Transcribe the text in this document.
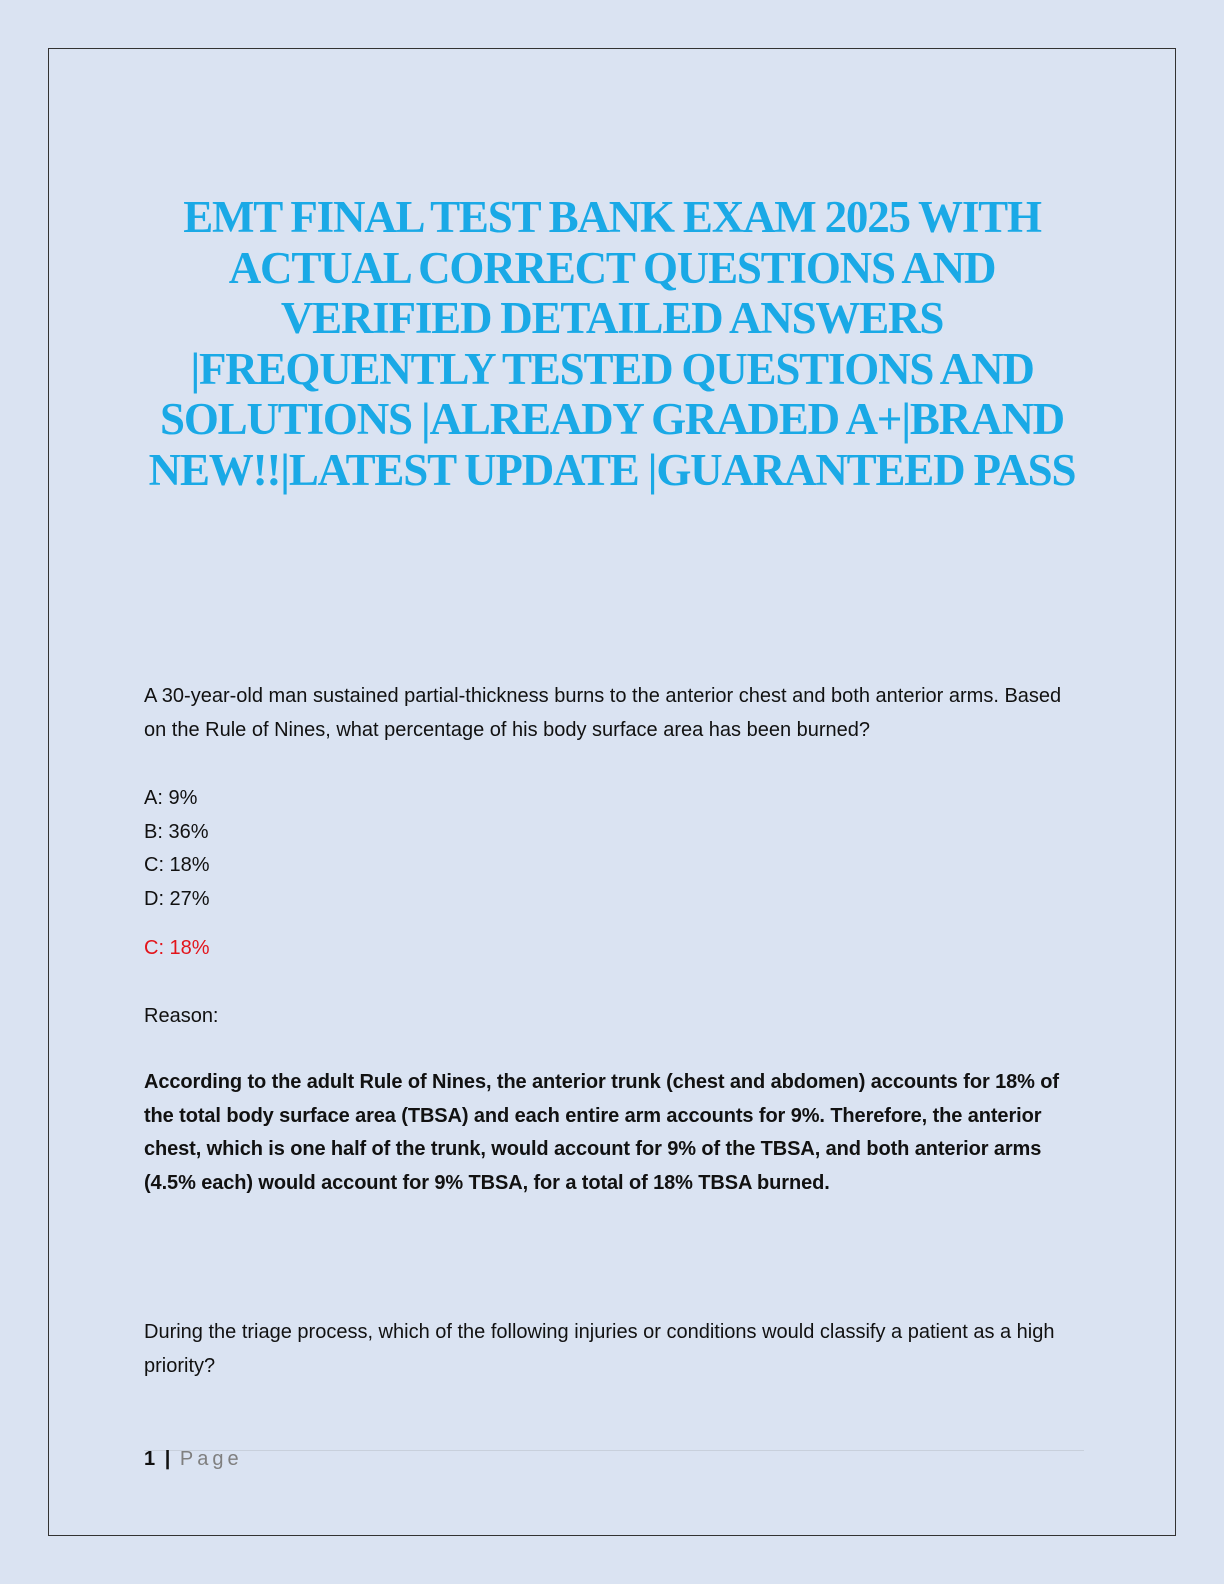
EMT FINAL TEST BANK EXAM 2025 WITH ACTUAL CORRECT QUESTIONS AND VERIFIED DETAILED ANSWERS |FREQUENTLY TESTED QUESTIONS AND SOLUTIONS |ALREADY GRADED A+|BRAND NEW!!|LATEST UPDATE |GUARANTEED PASS

A 30-year-old man sustained partial-thickness burns to the anterior chest and both anterior arms. Based on the Rule of Nines, what percentage of his body surface area has been burned?

A: 9%
B: 36%
C: 18%
D: 27%

C: 18%

Reason:

According to the adult Rule of Nines, the anterior trunk (chest and abdomen) accounts for 18% of the total body surface area (TBSA) and each entire arm accounts for 9%. Therefore, the anterior chest, which is one half of the trunk, would account for 9% of the TBSA, and both anterior arms (4.5% each) would account for 9% TBSA, for a total of 18% TBSA burned.

During the triage process, which of the following injuries or conditions would classify a patient as a high priority?

1 | Page
